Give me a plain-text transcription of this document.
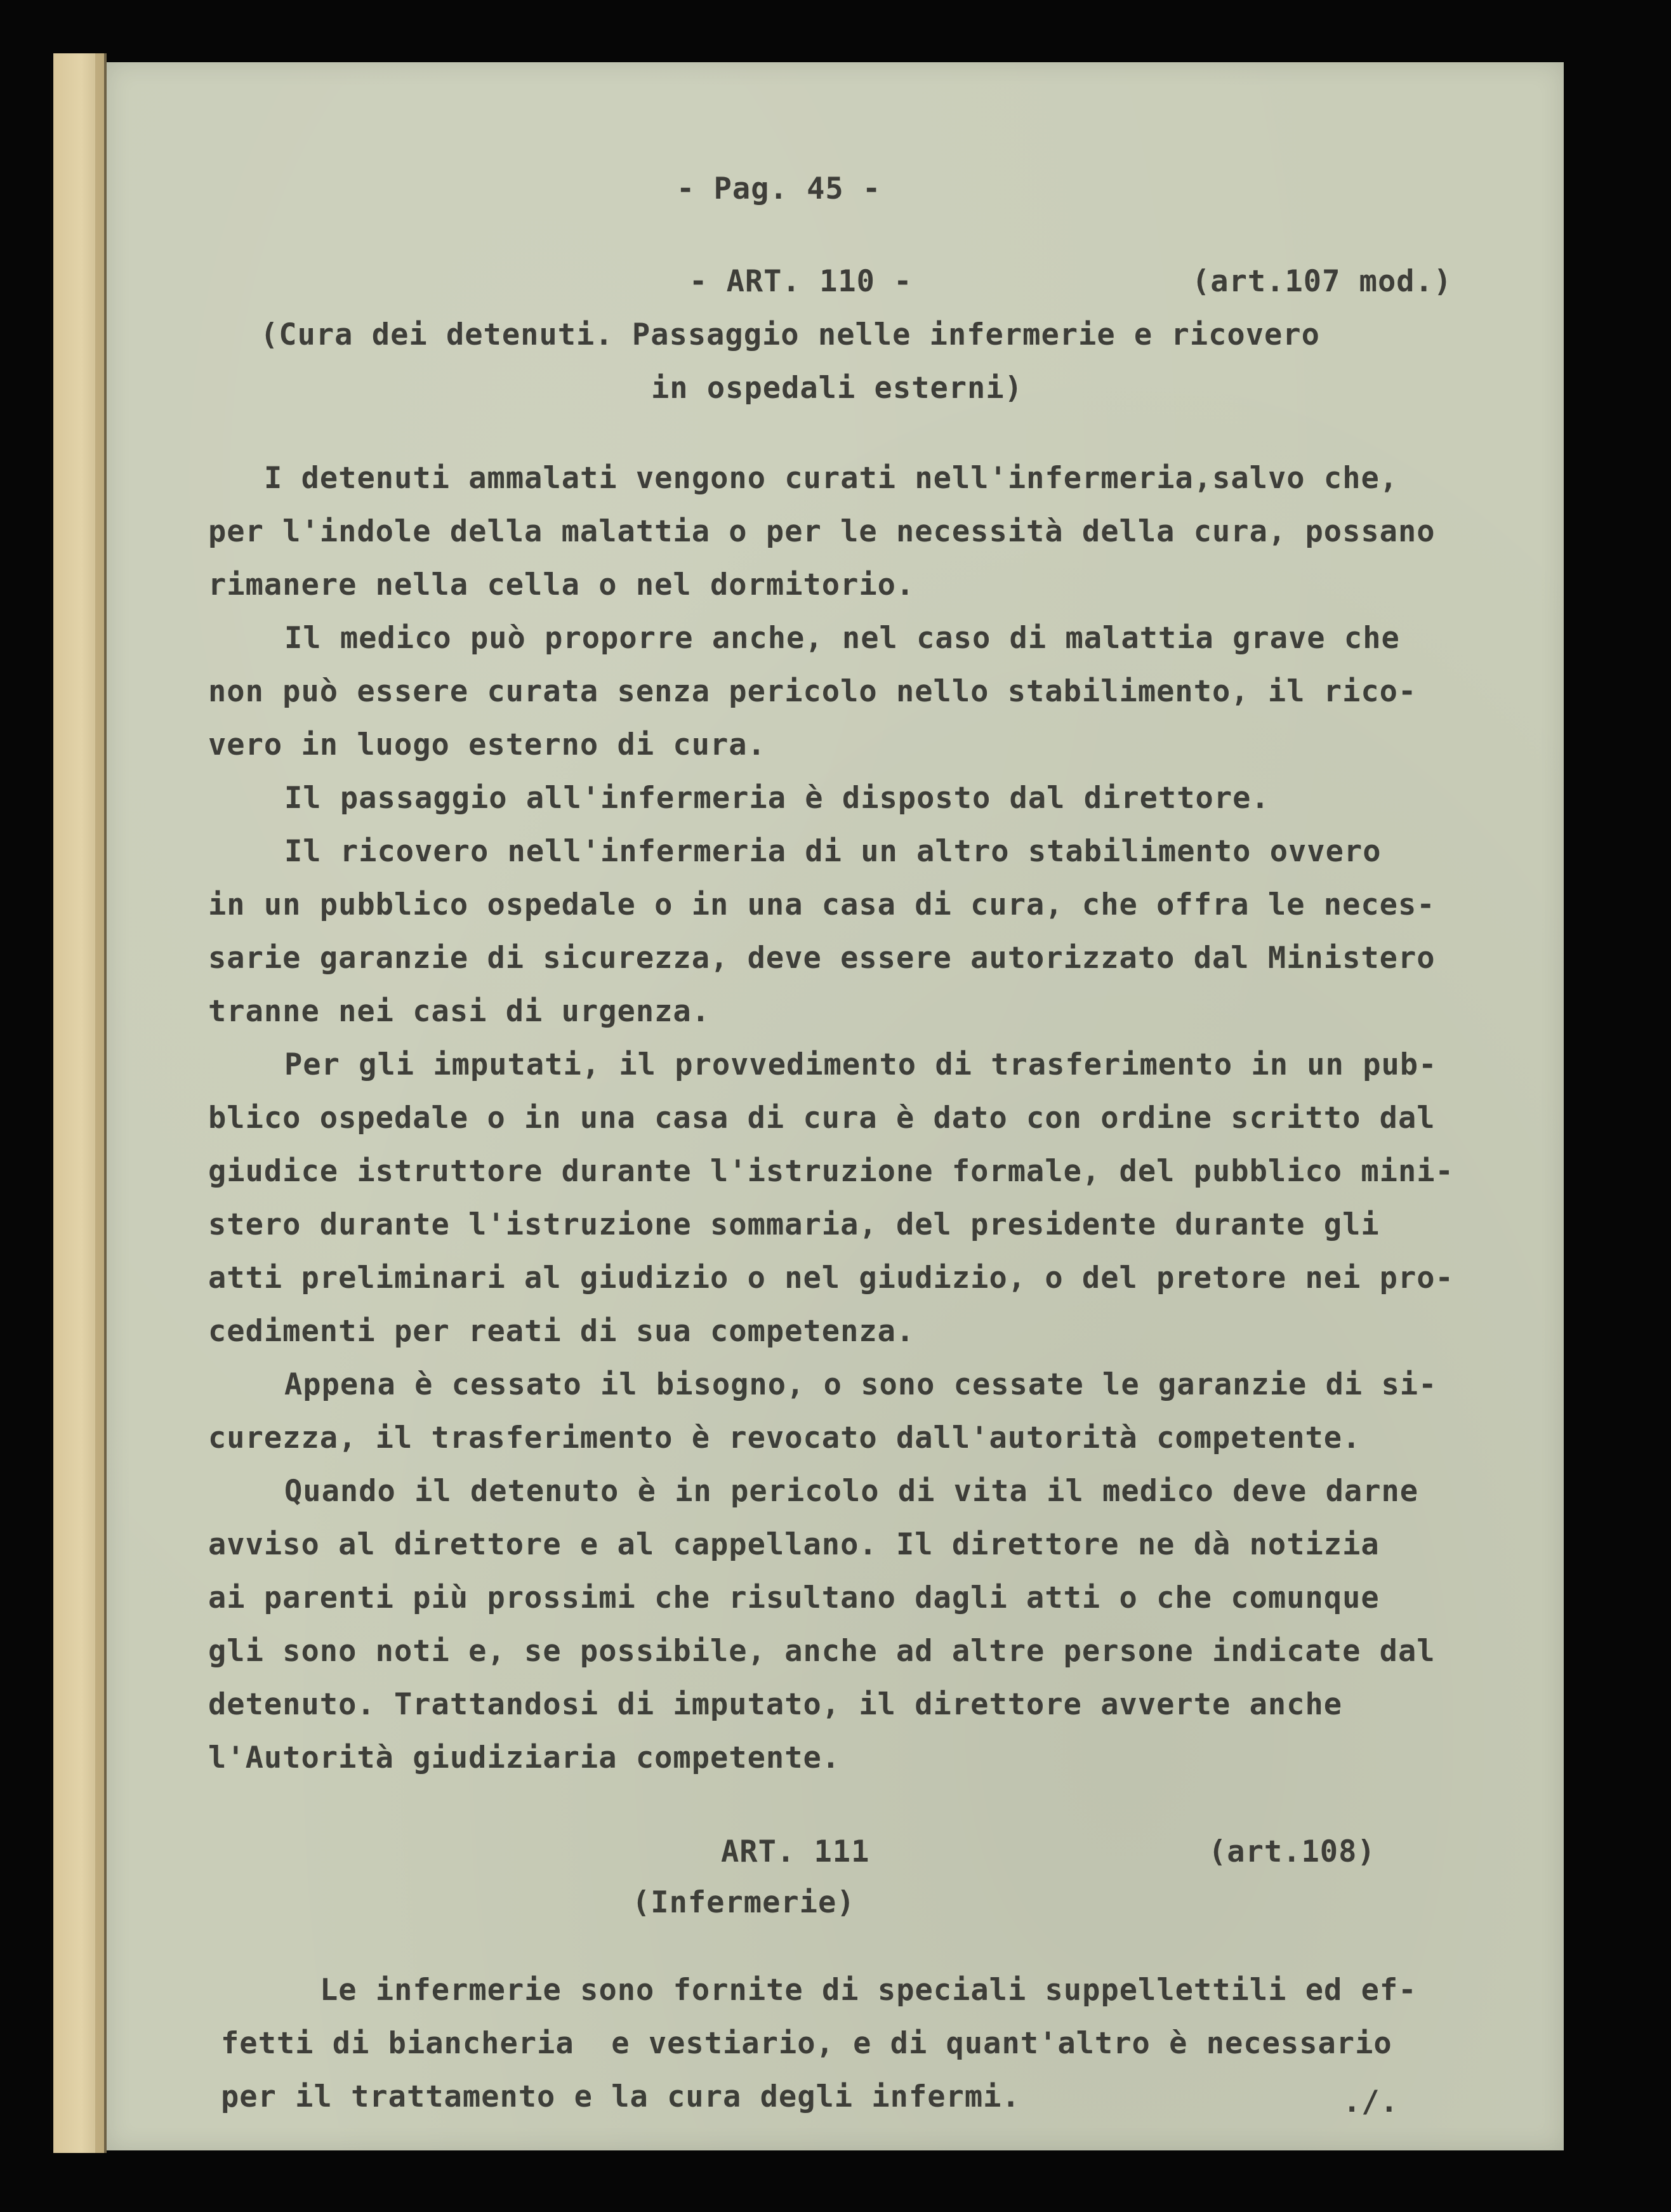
- Pag. 45 -
- ART. 110 -	(art.107 mod.)
(Cura dei detenuti. Passaggio nelle infermerie e ricovero
in ospedali esterni)
I detenuti ammalati vengono curati nell'infermeria,salvo che,
per l'indole della malattia o per le necessità della cura, possano
rimanere nella cella o nel dormitorio.
Il medico può proporre anche, nel caso di malattia grave che
non può essere curata senza pericolo nello stabilimento, il rico-
vero in luogo esterno di cura.
Il passaggio all'infermeria è disposto dal direttore.
Il ricovero nell'infermeria di un altro stabilimento ovvero
in un pubblico ospedale o in una casa di cura, che offra le neces-
sarie garanzie di sicurezza, deve essere autorizzato dal Ministero
tranne nei casi di urgenza.
Per gli imputati, il provvedimento di trasferimento in un pub-
blico ospedale o in una casa di cura è dato con ordine scritto dal
giudice istruttore durante l'istruzione formale, del pubblico mini-
stero durante l'istruzione sommaria, del presidente durante gli
atti preliminari al giudizio o nel giudizio, o del pretore nei pro-
cedimenti per reati di sua competenza.
Appena è cessato il bisogno, o sono cessate le garanzie di si-
curezza, il trasferimento è revocato dall'autorità competente.
Quando il detenuto è in pericolo di vita il medico deve darne
avviso al direttore e al cappellano. Il direttore ne dà notizia
ai parenti più prossimi che risultano dagli atti o che comunque
gli sono noti e, se possibile, anche ad altre persone indicate dal
detenuto. Trattandosi di imputato, il direttore avverte anche
l'Autorità giudiziaria competente.
ART. 111	(art.108)
(Infermerie)
Le infermerie sono fornite di speciali suppellettili ed ef-
fetti di biancheria  e vestiario, e di quant'altro è necessario
per il trattamento e la cura degli infermi.	./.
